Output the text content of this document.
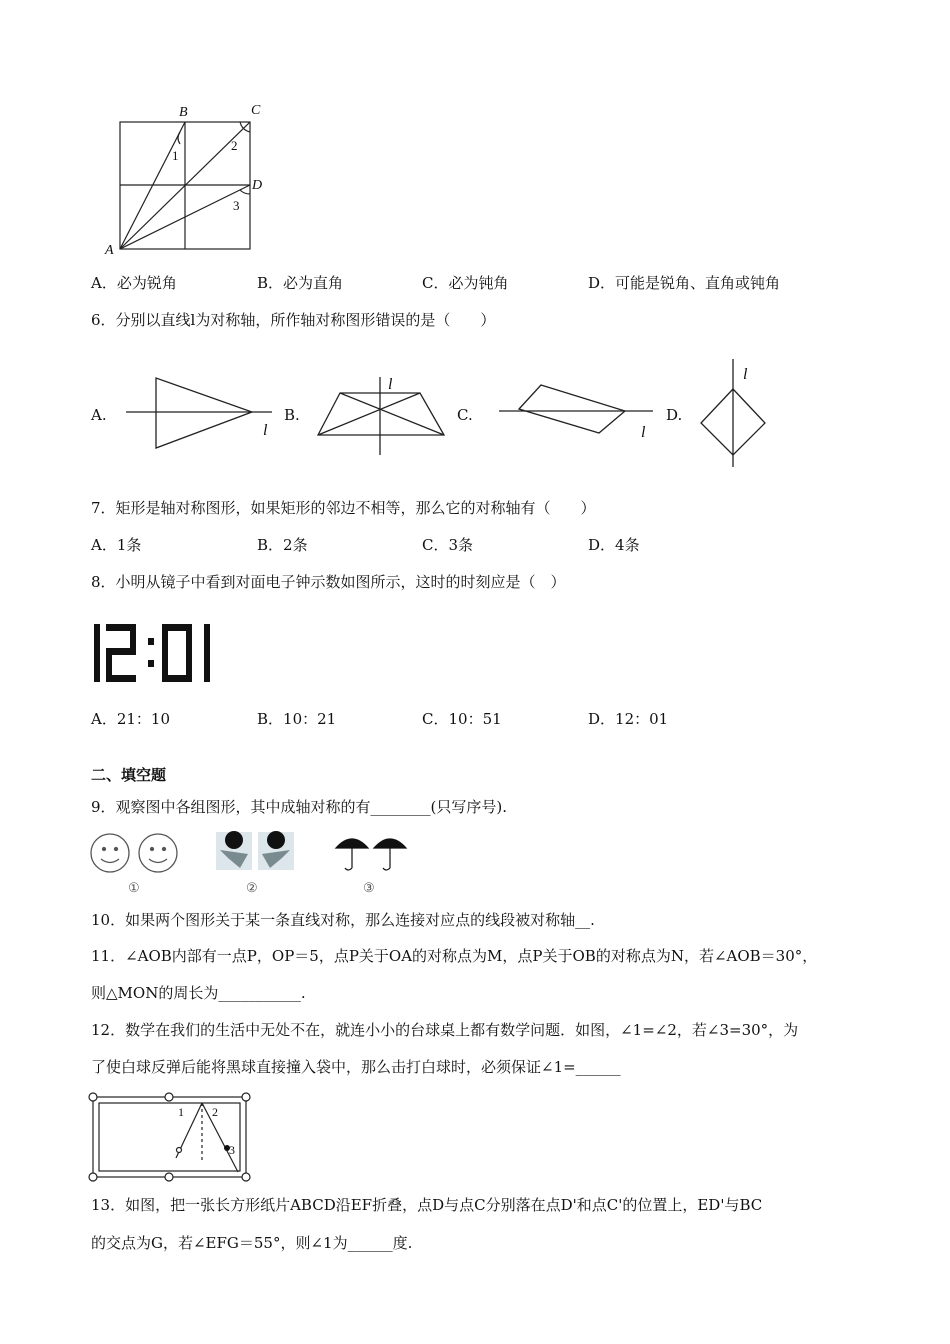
B	C
D
A
1
2
3
A．必为锐角	B．必为直角	C．必为钝角	D．可能是锐角、直角或钝角
6．分别以直线l为对称轴，所作轴对称图形错误的是（　　）
A.
l
B.
l
C.
l
D.
l
7．矩形是轴对称图形，如果矩形的邻边不相等，那么它的对称轴有（　　）
A．1条	B．2条	C．3条	D．4条
8．小明从镜子中看到对面电子钟示数如图所示，这时的时刻应是（　）
12:01
A．21：10	B．10：21	C．10：51	D．12：01
二、填空题
9．观察图中各组图形，其中成轴对称的有________(只写序号).
①	②	③
10．如果两个图形关于某一条直线对称，那么连接对应点的线段被对称轴__.
11．∠AOB内部有一点P，OP＝5，点P关于OA的对称点为M，点P关于OB的对称点为N，若∠AOB＝30°，
则△MON的周长为___________.
12．数学在我们的生活中无处不在，就连小小的台球桌上都有数学问题．如图，∠1=∠2，若∠3=30°，为
了使白球反弹后能将黑球直接撞入袋中，那么击打白球时，必须保证∠1=______
1 2
3
13．如图，把一张长方形纸片ABCD沿EF折叠，点D与点C分别落在点D'和点C'的位置上，ED'与BC
的交点为G，若∠EFG＝55°，则∠1为______度.
